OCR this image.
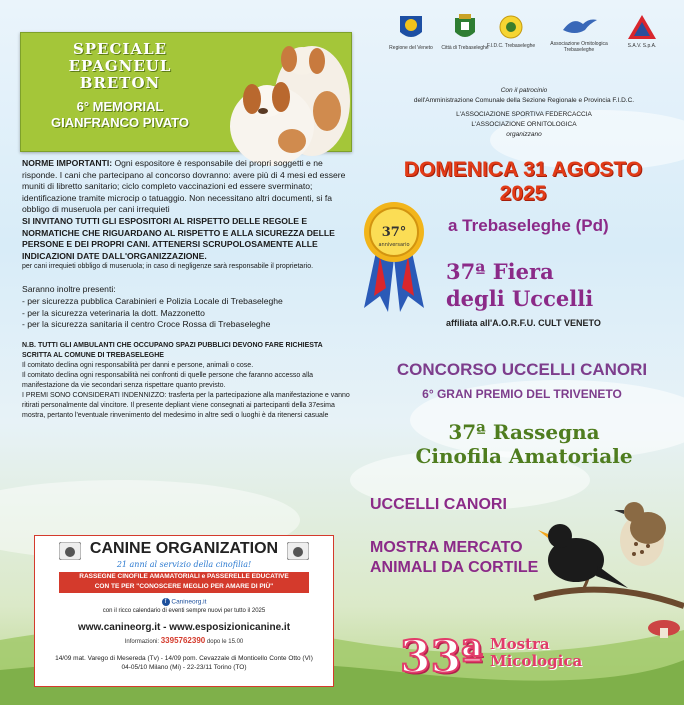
SPECIALE EPAGNEUL BRETON
6° MEMORIAL
GIANFRANCO PIVATO
Regione del Veneto	Città di Trebaseleghe
F.I.D.C. Trebaseleghe	Associazione Ornitologica Trebaseleghe
S.A.V. S.p.A.
Con il patrocinio
dell'Amministrazione Comunale della Sezione Regionale e Provincia F.I.D.C.
L'ASSOCIAZIONE SPORTIVA FEDERCACCIA
L'ASSOCIAZIONE ORNITOLOGICA
organizzano

NORME IMPORTANTI: Ogni espositore è responsabile dei propri soggetti e ne risponde. I cani che partecipano al concorso dovranno: avere più di 4 mesi ed essere muniti di libretto sanitario; ciclo completo vaccinazioni ed essere sverminato; identificazione tramite microcip o tatuaggio. Non necessitano altri documenti, si fa obbligo di museruola per cani irrequieti

SI INVITANO TUTTI GLI ESPOSITORI AL RISPETTO DELLE REGOLE E NORMATICHE CHE RIGUARDANO AL RISPETTO E ALLA SICUREZZA DELLE PERSONE E DEI PROPRI CANI. ATTENERSI SCRUPOLOSAMENTE ALLE INDICAZIONI DATE DALL'ORGANIZZAZIONE.

per cani irrequieti obbligo di museruola; in caso di negligenze sarà responsabile il proprietario.

Saranno inoltre presenti:

- per sicurezza pubblica Carabinieri e Polizia Locale di Trebaseleghe

- per la sicurezza veterinaria la dott. Mazzonetto

- per la sicurezza sanitaria il centro Croce Rossa di Trebaseleghe

N.B. TUTTI GLI AMBULANTI CHE OCCUPANO SPAZI PUBBLICI DEVONO FARE RICHIESTA SCRITTA AL COMUNE DI TREBASELEGHE

Il comitato declina ogni responsabilità per danni e persone, animali o cose.

Il comitato declina ogni responsabilità nei confronti di quelle persone che faranno accesso alla manifestazione da vie secondari senza rispettare quanto previsto.

I PREMI SONO CONSIDERATI INDENNIZZO: trasferta per la partecipazione alla manifestazione e vanno ritirati personalmente dal vincitore. Il presente depliant viene consegnati ai partecipanti della 37esima mostra, pertanto l'eventuale rinvenimento del medesimo in altre sedi o luoghi è da ritenersi casuale

DOMENICA 31 AGOSTO 2025
37°
anniversario
a Trebaseleghe (Pd)
37ª Fiera
degli Uccelli
affiliata all'A.O.R.F.U. CULT VENETO
CONCORSO UCCELLI CANORI
6° GRAN PREMIO DEL TRIVENETO
37ª Rassegna
Cinofila Amatoriale
UCCELLI CANORI
MOSTRA MERCATO
ANIMALI DA CORTILE
33ª Mostra
Micologica
CANINE ORGANIZATION
21 anni al servizio della cinofilia!
RASSEGNE CINOFILE AMAMATORIALI e PASSERELLE EDUCATIVE
CON TE PER "CONOSCERE MEGLIO PER AMARE DI PIÙ"
f Canineorg.it
con il ricco calendario di eventi sempre nuovi per tutto il 2025
www.canineorg.it - www.esposizionicanine.it
Informazioni: 3395762390 dopo le 15.00
14/09 mat. Varego di Mesereda (Tv) - 14/09 pom. Cevazzale di Monticello Conte Otto (VI)
04-05/10 Milano (Mi) - 22-23/11 Torino (TO)
